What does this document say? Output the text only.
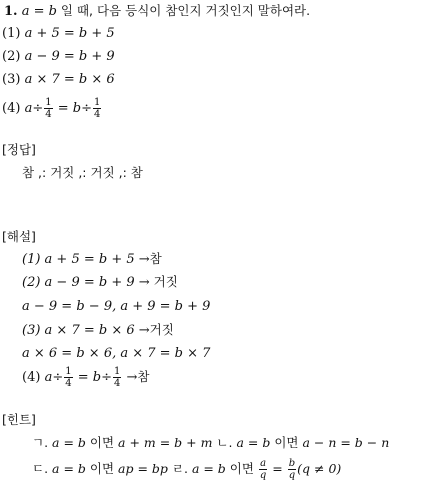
1. a = b 일 때, 다음 등식이 참인지 거짓인지 말하여라.
(1) a + 5 = b + 5
(2) a − 9 = b + 9
(3) a × 7 = b × 6
(4) $a\div \frac{1}{4} = b\div \frac{1}{4}$
[정답]
참 ,: 거짓 ,: 거짓 ,: 참
[해설]
(1) a + 5 = b + 5 →참
(2) a − 9 = b + 9 → 거짓
a − 9 = b − 9, a + 9 = b + 9
(3) a × 7 = b × 6 →거짓
a × 6 = b × 6, a × 7 = b × 7
(4) $a\div \frac{1}{4} = b\div \frac{1}{4}$ →참
[힌트]
ㄱ. a = b 이면 a + m = b + m ㄴ. a = b 이면 a − n = b − n
ㄷ. a = b 이면 ap = bp ㄹ. a = b 이면 $\frac{a}{q} = \frac{b}{q} (q \ne 0)$
